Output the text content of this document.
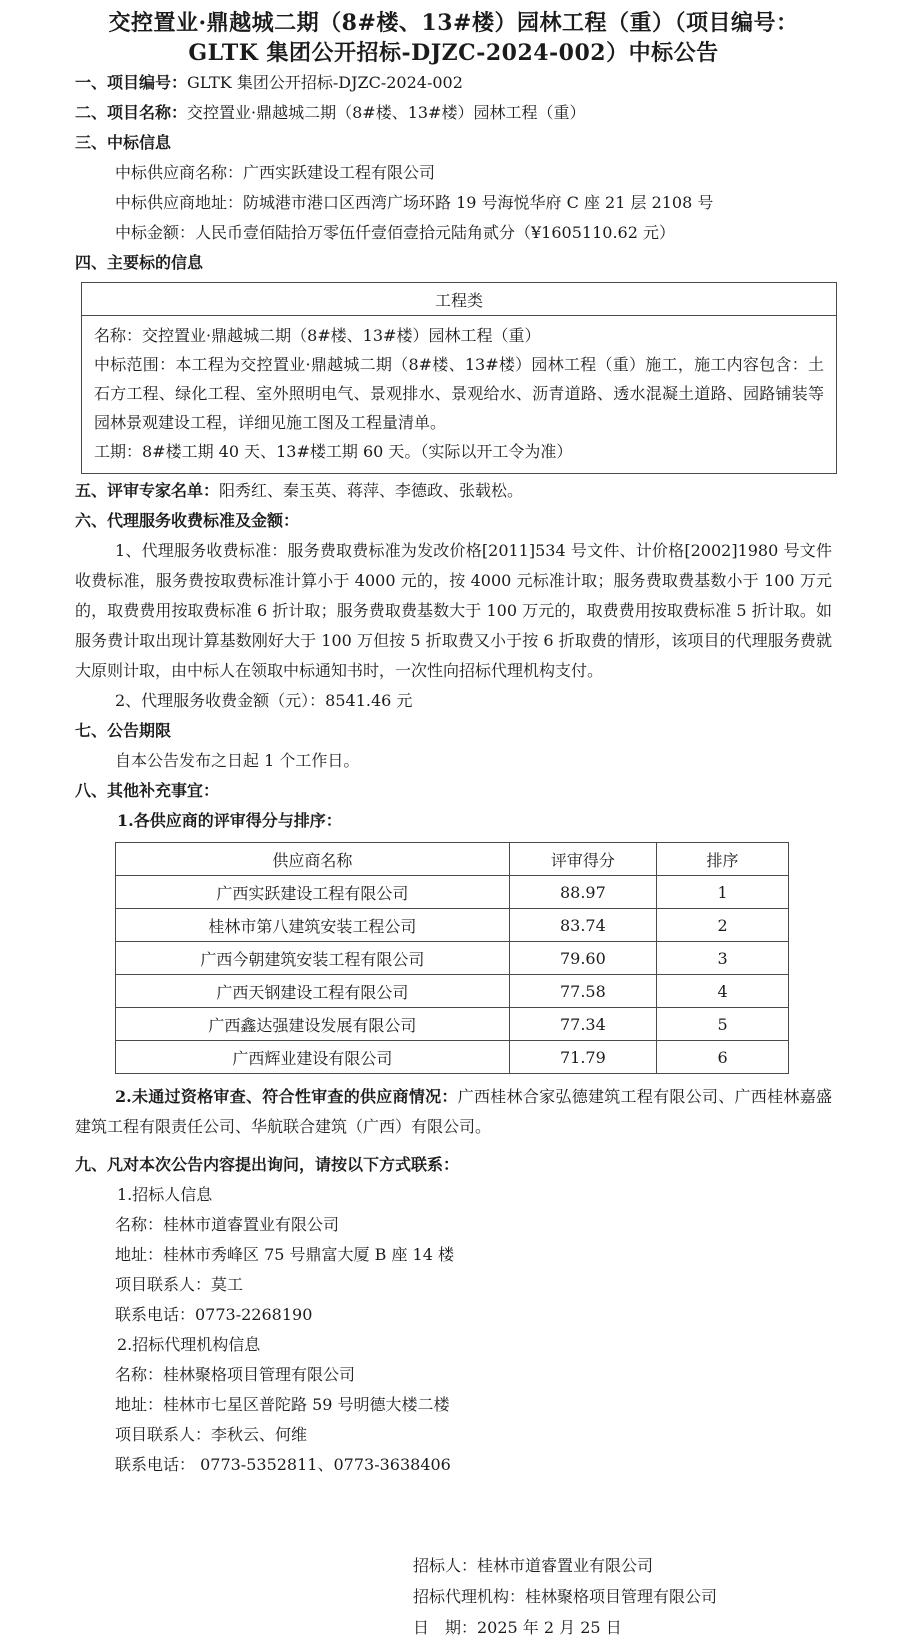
交控置业·鼎越城二期（8#楼、13#楼）园林工程（重）（项目编号：GLTK 集团公开招标-DJZC-2024-002）中标公告
一、项目编号：GLTK 集团公开招标-DJZC-2024-002
二、项目名称：交控置业·鼎越城二期（8#楼、13#楼）园林工程（重）
三、中标信息
中标供应商名称：广西实跃建设工程有限公司
中标供应商地址：防城港市港口区西湾广场环路 19 号海悦华府 C 座 21 层 2108 号
中标金额：人民币壹佰陆拾万零伍仟壹佰壹拾元陆角贰分（¥1605110.62 元）
四、主要标的信息
工程类

名称：交控置业·鼎越城二期（8#楼、13#楼）园林工程（重）
中标范围：本工程为交控置业·鼎越城二期（8#楼、13#楼）园林工程（重）施工，施工内容包含：土石方工程、绿化工程、室外照明电气、景观排水、景观给水、沥青道路、透水混凝土道路、园路铺装等园林景观建设工程，详细见施工图及工程量清单。
工期：8#楼工期 40 天、13#楼工期 60 天。（实际以开工令为准）
五、评审专家名单：阳秀红、秦玉英、蒋萍、李德政、张载松。
六、代理服务收费标准及金额：
1、代理服务收费标准：服务费取费标准为发改价格[2011]534 号文件、计价格[2002]1980 号文件收费标准，服务费按取费标准计算小于 4000 元的，按 4000 元标准计取；服务费取费基数小于 100 万元的，取费费用按取费标准 6 折计取；服务费取费基数大于 100 万元的，取费费用按取费标准 5 折计取。如服务费计取出现计算基数刚好大于 100 万但按 5 折取费又小于按 6 折取费的情形，该项目的代理服务费就大原则计取，由中标人在领取中标通知书时，一次性向招标代理机构支付。
2、代理服务收费金额（元）：8541.46 元
七、公告期限
自本公告发布之日起 1 个工作日。
八、其他补充事宜：
1.各供应商的评审得分与排序：
供应商名称	评审得分	排序
广西实跃建设工程有限公司	88.97	1
桂林市第八建筑安装工程公司	83.74	2
广西今朝建筑安装工程有限公司	79.60	3
广西天钢建设工程有限公司	77.58	4
广西鑫达强建设发展有限公司	77.34	5
广西辉业建设有限公司	71.79	6
2.未通过资格审查、符合性审查的供应商情况：广西桂林合家弘德建筑工程有限公司、广西桂林嘉盛建筑工程有限责任公司、华航联合建筑（广西）有限公司。
九、凡对本次公告内容提出询问，请按以下方式联系：
1.招标人信息
名称：桂林市道睿置业有限公司
地址：桂林市秀峰区 75 号鼎富大厦 B 座 14 楼
项目联系人：莫工
联系电话：0773-2268190
2.招标代理机构信息
名称：桂林聚格项目管理有限公司
地址：桂林市七星区普陀路 59 号明德大楼二楼
项目联系人：李秋云、何维
联系电话： 0773-5352811、0773-3638406
招标人：桂林市道睿置业有限公司
招标代理机构：桂林聚格项目管理有限公司
日　期：2025 年 2 月 25 日
